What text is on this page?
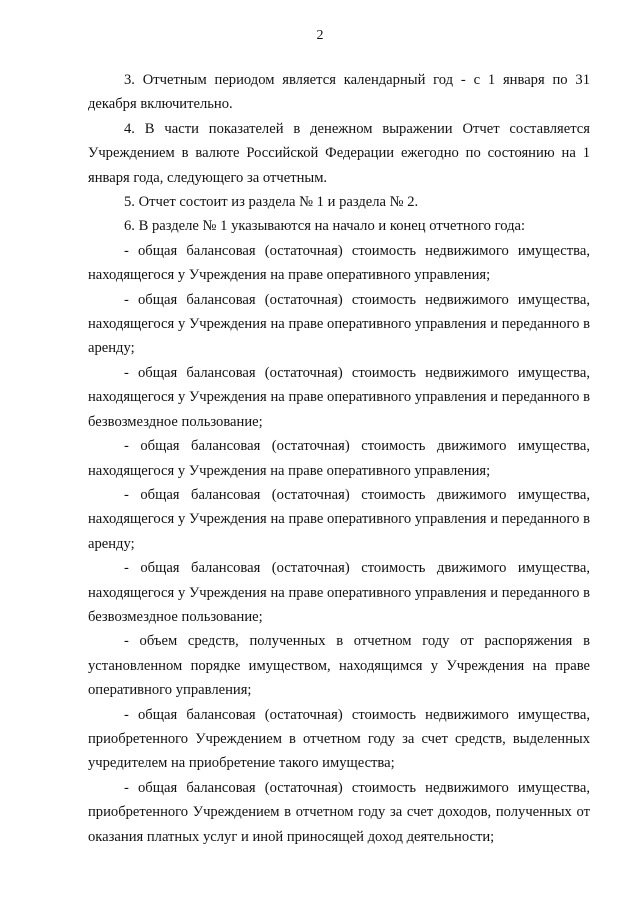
2

3. Отчетным периодом является календарный год - с 1 января по 31 декабря включительно.

4. В части показателей в денежном выражении Отчет составляется Учреждением в валюте Российской Федерации ежегодно по состоянию на 1 января года, следующего за отчетным.

5. Отчет состоит из раздела № 1 и раздела № 2.

6. В разделе № 1 указываются на начало и конец отчетного года:

- общая балансовая (остаточная) стоимость недвижимого имущества, находящегося у Учреждения на праве оперативного управления;

- общая балансовая (остаточная) стоимость недвижимого имущества, находящегося у Учреждения на праве оперативного управления и переданного в аренду;

- общая балансовая (остаточная) стоимость недвижимого имущества, находящегося у Учреждения на праве оперативного управления и переданного в безвозмездное пользование;

- общая балансовая (остаточная) стоимость движимого имущества, находящегося у Учреждения на праве оперативного управления;

- общая балансовая (остаточная) стоимость движимого имущества, находящегося у Учреждения на праве оперативного управления и переданного в аренду;

- общая балансовая (остаточная) стоимость движимого имущества, находящегося у Учреждения на праве оперативного управления и переданного в безвозмездное пользование;

- объем средств, полученных в отчетном году от распоряжения в установленном порядке имуществом, находящимся у Учреждения на праве оперативного управления;

- общая балансовая (остаточная) стоимость недвижимого имущества, приобретенного Учреждением в отчетном году за счет средств, выделенных учредителем на приобретение такого имущества;

- общая балансовая (остаточная) стоимость недвижимого имущества, приобретенного Учреждением в отчетном году за счет доходов, полученных от оказания платных услуг и иной приносящей доход деятельности;
